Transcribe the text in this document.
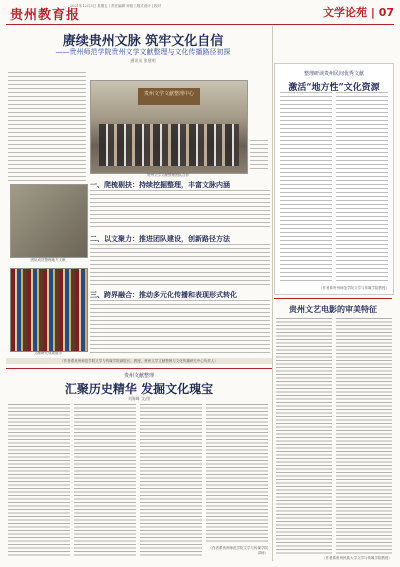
贵州教育报
2021年12月3日 星期五 | 责任编辑 审校 | 版式设计 | 校对	文学论苑 | 07
赓续贵州文脉 筑牢文化自信
——贵州师范学院贵州文学文献整理与文化传播路径初探
通讯员 张建明
贵州文学文献整理中心
贵州文学文献整理团队合影
团队成员整理地方文献
一、爬梳剔抉：持续挖掘整理，丰富文脉内涵
二、以文聚力：推进团队建设，创新路径方法
文献研究成果展示
三、跨界融合：推动多元化传播和表现形式转化
（作者系贵州师范学院文学与传媒学院副院长、教授、贵州文学文献整理与文化传播研究中心负责人）
整理研读贵州民间优秀文献
激活“地方性”文化资源
（作者系贵州师范学院文学与传媒学院教授）
贵州文艺电影的审美特征
（作者系贵州民族大学文学与传媒学院教授）
贵州文献整理
汇聚历史精华 发掘文化瑰宝
刘海峰 文/图
（作者系贵州师范学院文学与传媒学院讲师）
